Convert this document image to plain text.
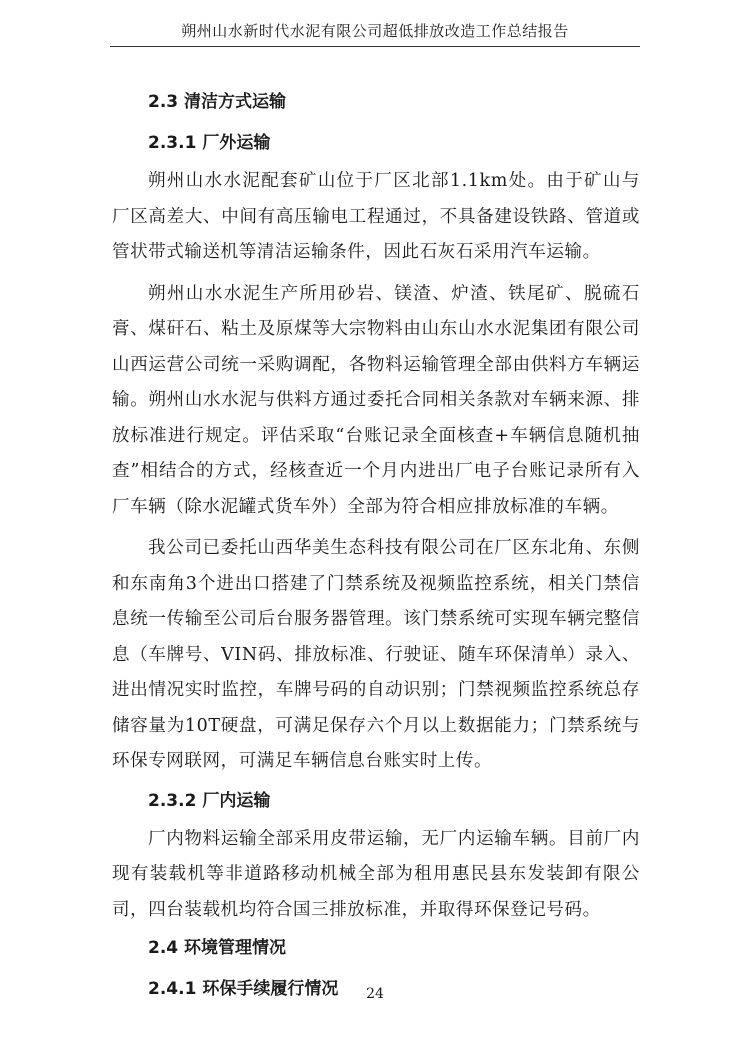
朔州山水新时代水泥有限公司超低排放改造工作总结报告
2.3 清洁方式运输
2.3.1 厂外运输

朔州山水水泥配套矿山位于厂区北部1.1km处。由于矿山与厂区高差大、中间有高压输电工程通过，不具备建设铁路、管道或管状带式输送机等清洁运输条件，因此石灰石采用汽车运输。

朔州山水水泥生产所用砂岩、镁渣、炉渣、铁尾矿、脱硫石膏、煤矸石、粘土及原煤等大宗物料由山东山水水泥集团有限公司山西运营公司统一采购调配，各物料运输管理全部由供料方车辆运输。朔州山水水泥与供料方通过委托合同相关条款对车辆来源、排放标准进行规定。评估采取“台账记录全面核查+车辆信息随机抽查”相结合的方式，经核查近一个月内进出厂电子台账记录所有入厂车辆（除水泥罐式货车外）全部为符合相应排放标准的车辆。

我公司已委托山西华美生态科技有限公司在厂区东北角、东侧和东南角3个进出口搭建了门禁系统及视频监控系统，相关门禁信息统一传输至公司后台服务器管理。该门禁系统可实现车辆完整信息（车牌号、VIN码、排放标准、行驶证、随车环保清单）录入、进出情况实时监控，车牌号码的自动识别；门禁视频监控系统总存储容量为10T硬盘，可满足保存六个月以上数据能力；门禁系统与环保专网联网，可满足车辆信息台账实时上传。

2.3.2 厂内运输

厂内物料运输全部采用皮带运输，无厂内运输车辆。目前厂内现有装载机等非道路移动机械全部为租用惠民县东发装卸有限公司，四台装载机均符合国三排放标准，并取得环保登记号码。

2.4 环境管理情况
2.4.1 环保手续履行情况	24
